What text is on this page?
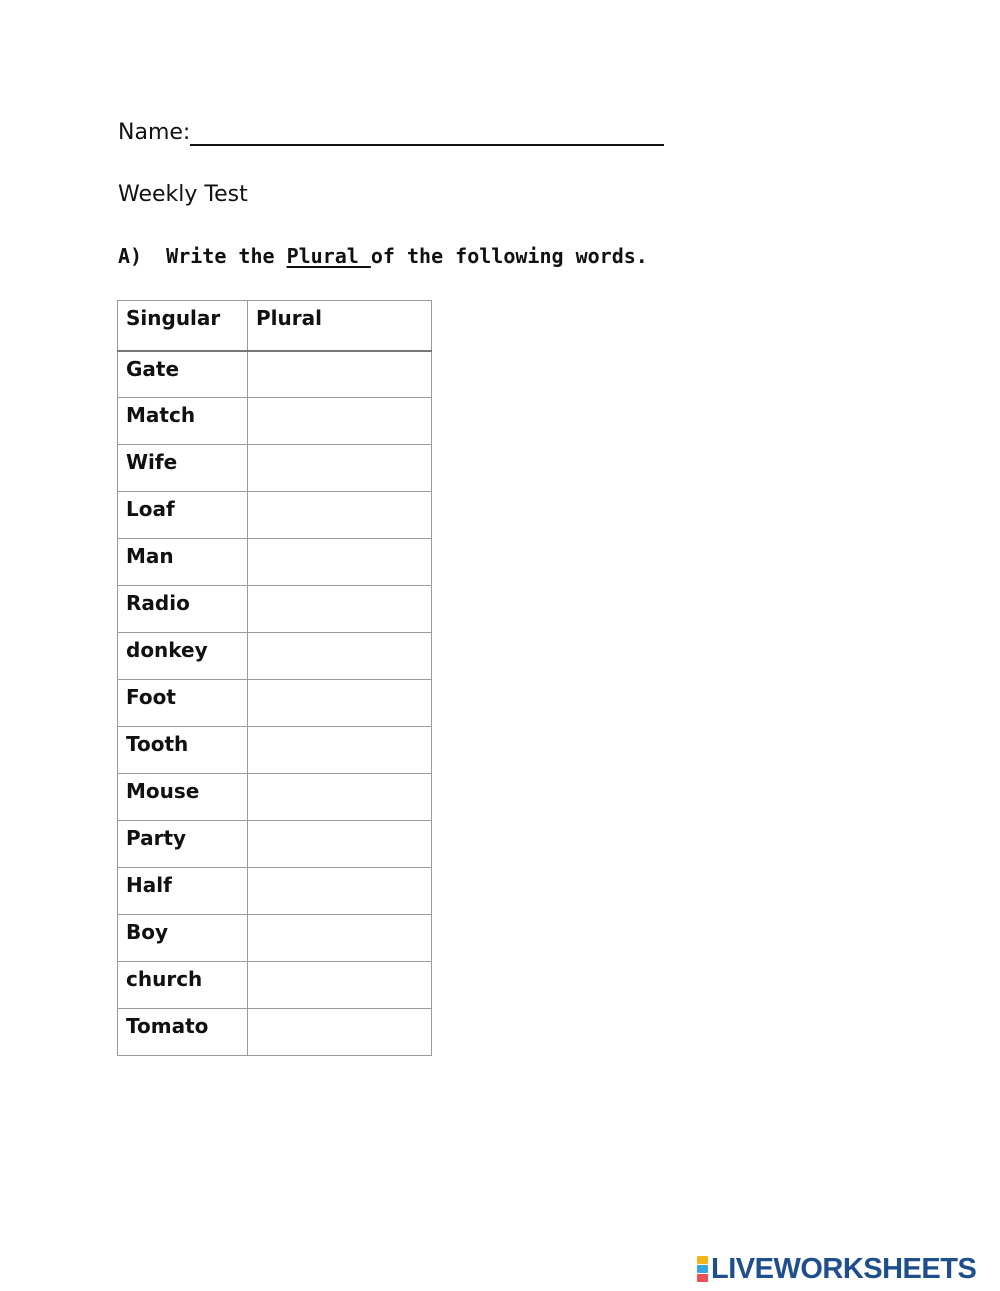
Name:
Weekly Test
A)  Write the Plural of the following words.
Singular	Plural
Gate	
Match	
Wife	
Loaf	
Man	
Radio	
donkey	
Foot	
Tooth	
Mouse	
Party	
Half	
Boy	
church	
Tomato	
LIVEWORKSHEETS
